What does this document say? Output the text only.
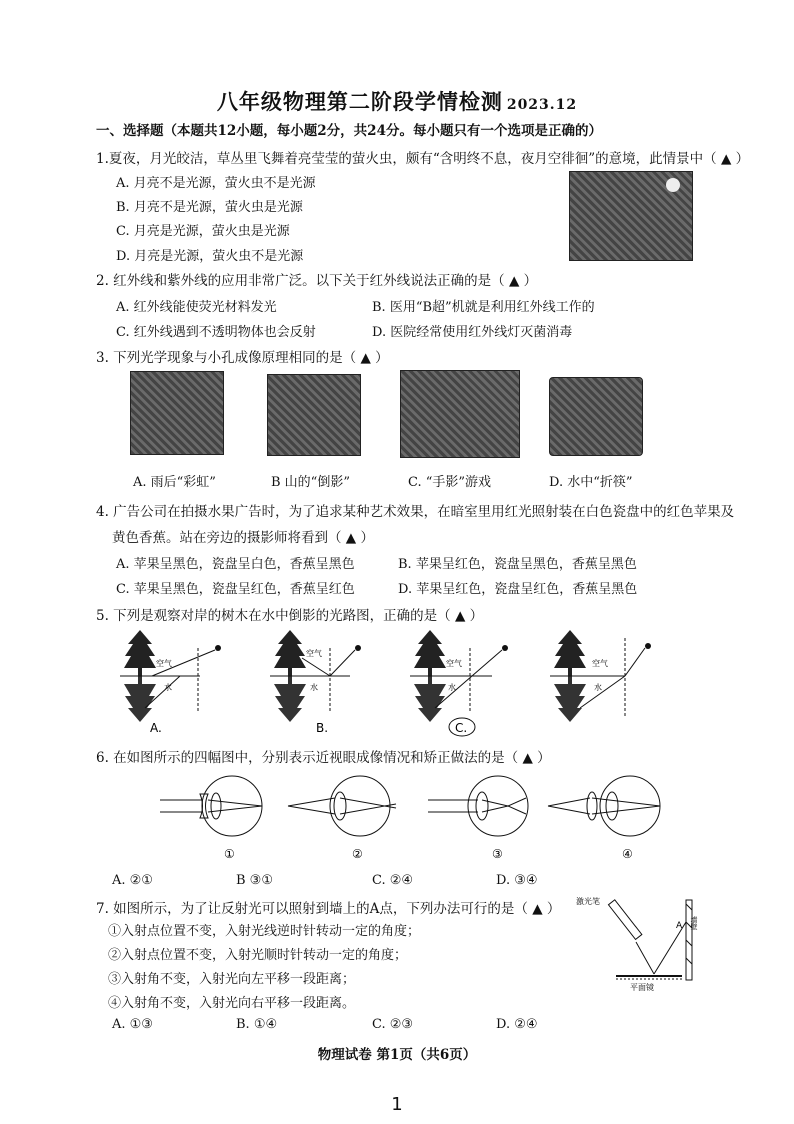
八年级物理第二阶段学情检测 2023.12
一、选择题（本题共12小题，每小题2分，共24分。每小题只有一个选项是正确的）
1.夏夜，月光皎洁，草丛里飞舞着亮莹莹的萤火虫，颇有“含明终不息，夜月空徘徊”的意境，此情景中（ ▲ ）
A. 月亮不是光源，萤火虫不是光源
B. 月亮不是光源，萤火虫是光源
C. 月亮是光源，萤火虫是光源
D. 月亮是光源，萤火虫不是光源
2. 红外线和紫外线的应用非常广泛。以下关于红外线说法正确的是（ ▲ ）
A. 红外线能使荧光材料发光	B. 医用“B超”机就是利用红外线工作的
C. 红外线遇到不透明物体也会反射	D. 医院经常使用红外线灯灭菌消毒
3. 下列光学现象与小孔成像原理相同的是（ ▲ ）
A. 雨后“彩虹”	B 山的“倒影”	C. “手影”游戏	D. 水中“折筷”
4. 广告公司在拍摄水果广告时，为了追求某种艺术效果，在暗室里用红光照射装在白色瓷盘中的红色苹果及
黄色香蕉。站在旁边的摄影师将看到（ ▲ ）
A. 苹果呈黑色，瓷盘呈白色，香蕉呈黑色	B. 苹果呈红色，瓷盘呈黑色，香蕉呈黑色
C. 苹果呈黑色，瓷盘呈红色，香蕉呈红色	D. 苹果呈红色，瓷盘呈红色，香蕉呈黑色
5. 下列是观察对岸的树木在水中倒影的光路图，正确的是（ ▲ ）
空气
水
空气
水
空气
水
空气
水
A.	B.	C.
6. 在如图所示的四幅图中，分别表示近视眼成像情况和矫正做法的是（ ▲ ）
①	②	③	④
A. ②①	B ③①	C. ②④	D. ③④
7. 如图所示，为了让反射光可以照射到墙上的A点，下列办法可行的是（ ▲ ）
①入射点位置不变，入射光线逆时针转动一定的角度；
②入射点位置不变，入射光顺时针转动一定的角度；
③入射角不变，入射光向左平移一段距离；
④入射角不变，入射光向右平移一段距离。
A. ①③	B. ①④	C. ②③	D. ②④
激光笔
A 墙壁
平面镜
物理试卷 第1页（共6页）
1
